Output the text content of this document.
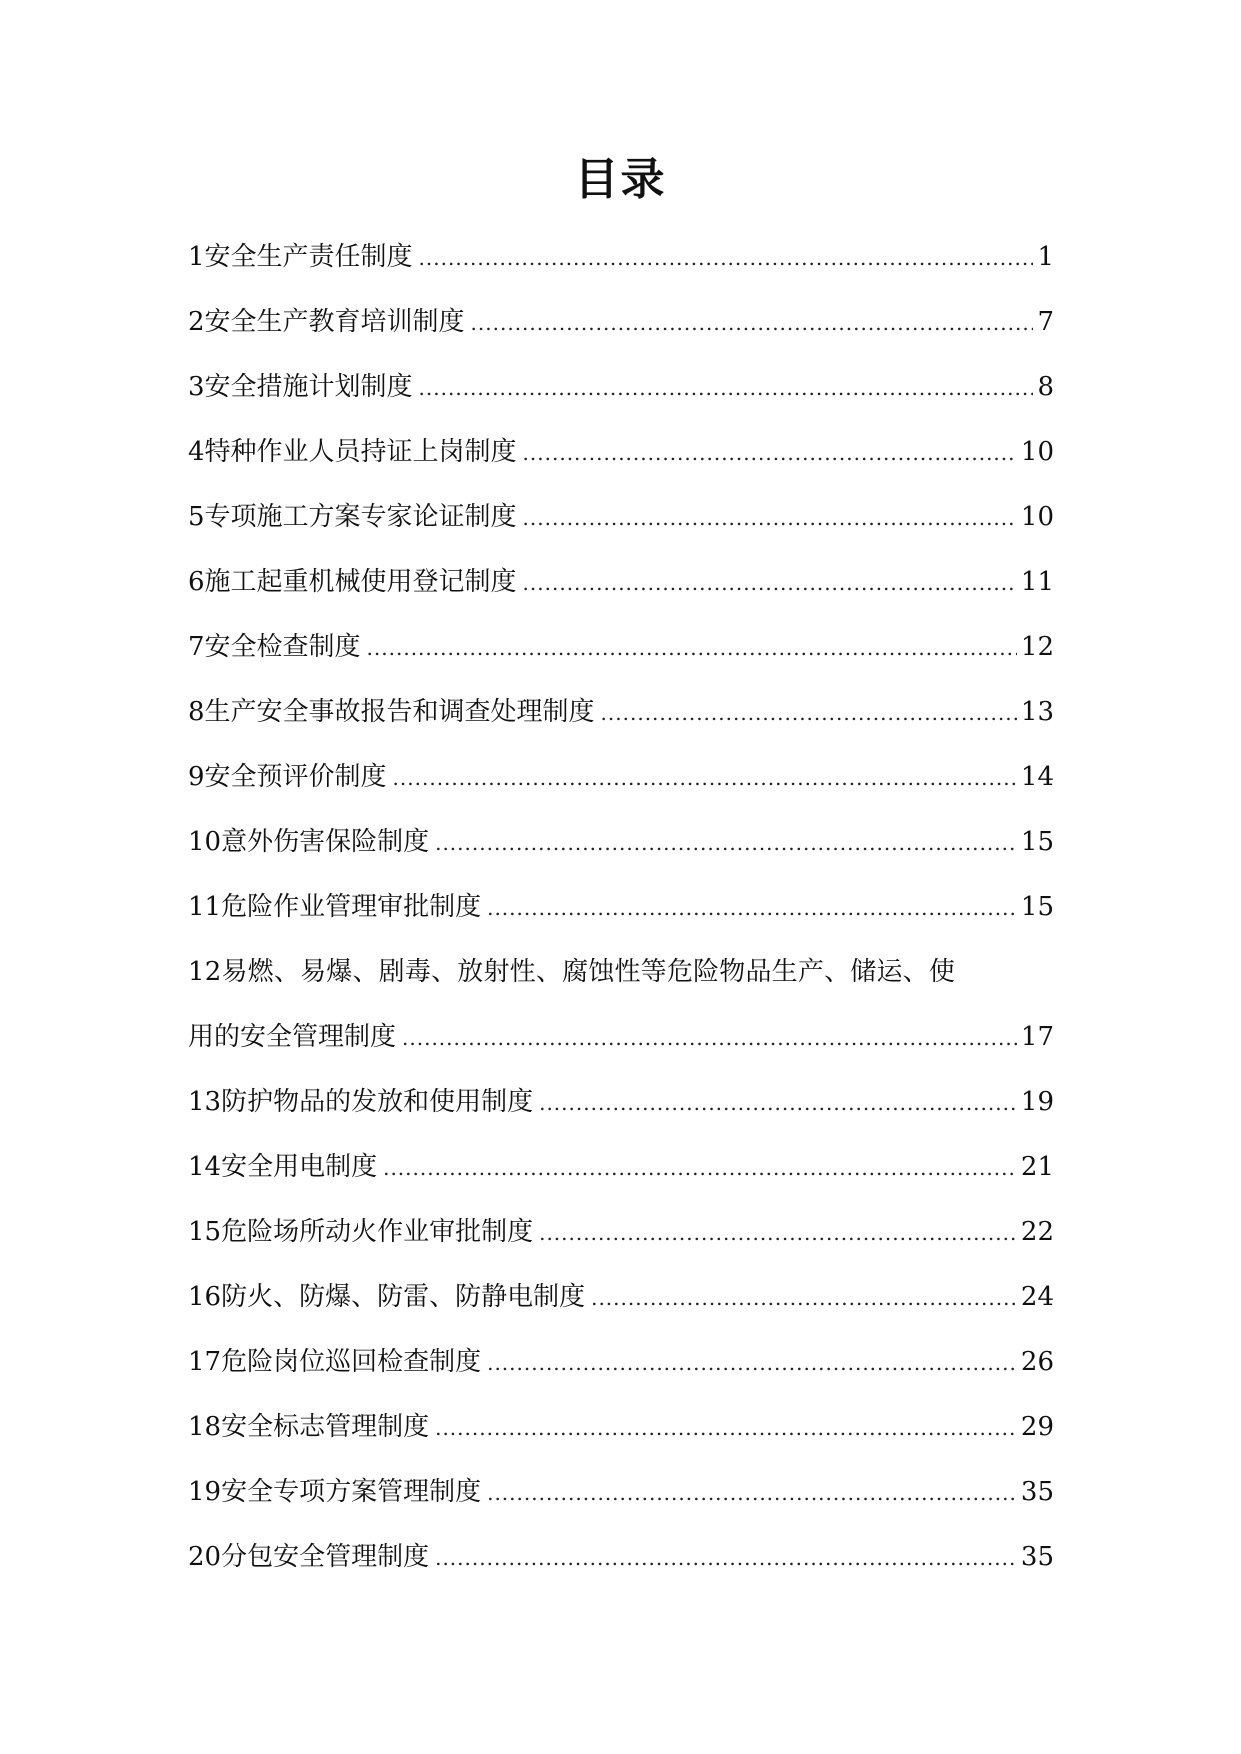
目录
1安全生产责任制度 .....	1
2安全生产教育培训制度 .....	7
3安全措施计划制度 .....	8
4特种作业人员持证上岗制度 .....	10
5专项施工方案专家论证制度 .....	10
6施工起重机械使用登记制度 .....	11
7安全检查制度 .....	12
8生产安全事故报告和调查处理制度 .....	13
9安全预评价制度 .....	14
10意外伤害保险制度 .....	15
11危险作业管理审批制度 .....	15
12易燃、易爆、剧毒、放射性、腐蚀性等危险物品生产、储运、使
用的安全管理制度 .....	17
13防护物品的发放和使用制度 .....	19
14安全用电制度 .....	21
15危险场所动火作业审批制度 .....	22
16防火、防爆、防雷、防静电制度 .....	24
17危险岗位巡回检查制度 .....	26
18安全标志管理制度 .....	29
19安全专项方案管理制度 .....	35
20分包安全管理制度 .....	35
